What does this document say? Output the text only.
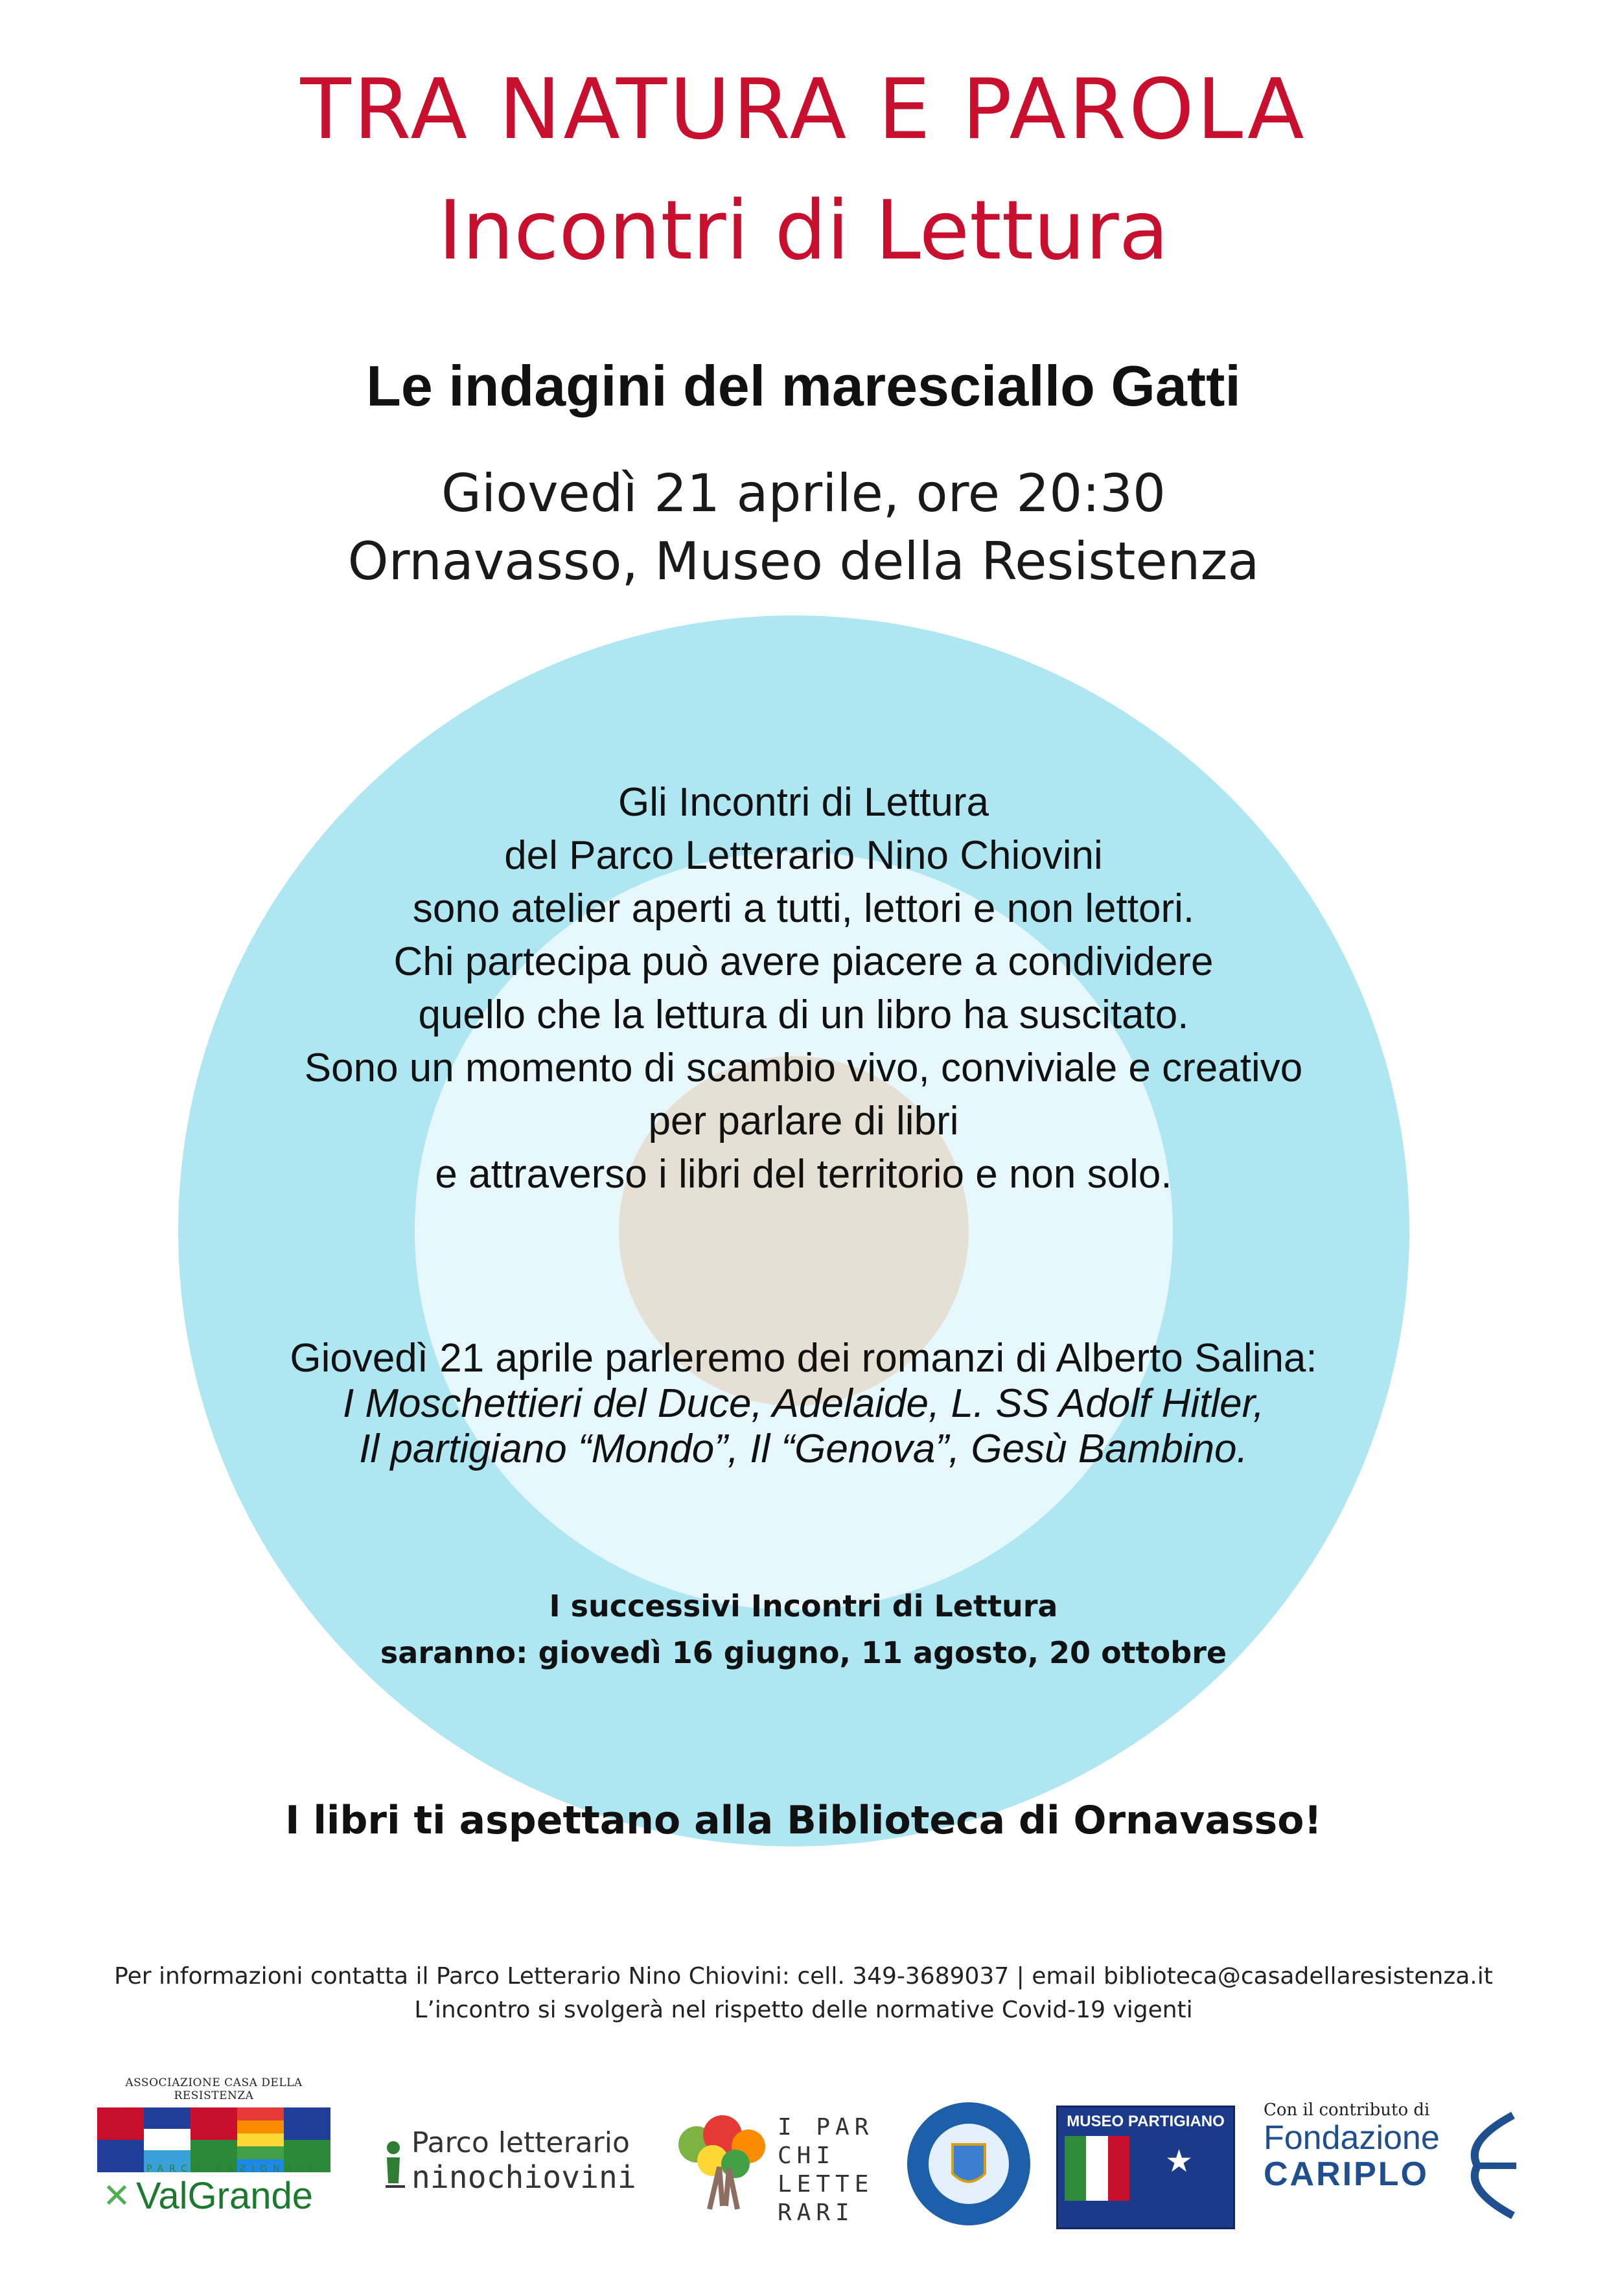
TRA NATURA E PAROLA
Incontri di Lettura
Le indagini del maresciallo Gatti
Giovedì 21 aprile, ore 20:30
Ornavasso, Museo della Resistenza
Gli Incontri di Lettura
del Parco Letterario Nino Chiovini
sono atelier aperti a tutti, lettori e non lettori.
Chi partecipa può avere piacere a condividere
quello che la lettura di un libro ha suscitato.
Sono un momento di scambio vivo, conviviale e creativo
per parlare di libri
e attraverso i libri del territorio e non solo.
Giovedì 21 aprile parleremo dei romanzi di Alberto Salina:
I Moschettieri del Duce, Adelaide, L. SS Adolf Hitler,
Il partigiano “Mondo”, Il “Genova”, Gesù Bambino.
I successivi Incontri di Lettura
saranno: giovedì 16 giugno, 11 agosto, 20 ottobre
I libri ti aspettano alla Biblioteca di Ornavasso!
Per informazioni contatta il Parco Letterario Nino Chiovini: cell. 349-3689037 | email biblioteca@casadellaresistenza.it
L’incontro si svolgerà nel rispetto delle normative Covid-19 vigenti
ASSOCIAZIONE CASA DELLA RESISTENZA
PARCO NAZIONALE
✕ ValGrande
Parco letterario
ninochiovini
I PAR
CHI
LETTE
RARI
MUSEO PARTIGIANO
★
Con il contributo di
Fondazione
CARIPLO
